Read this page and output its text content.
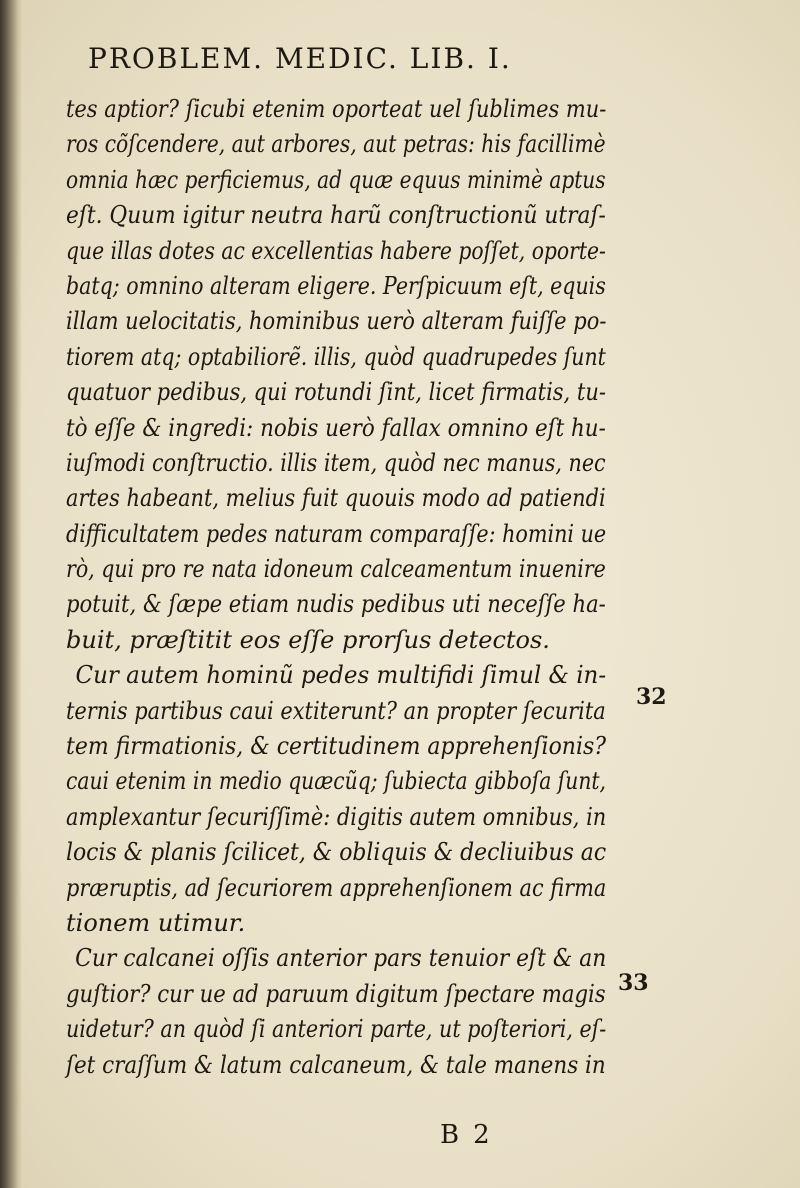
PROBLEM. MEDIC. LIB. I.
tes aptior? ſicubi etenim oporteat uel ſublimes mu-
ros cõſcendere, aut arbores, aut petras: his facillimè
omnia hæc perficiemus, ad quæ equus minimè aptus
eſt. Quum igitur neutra harũ conſtructionũ utraſ-
que illas dotes ac excellentias habere poſſet, oporte-
batq; omnino alteram eligere. Perſpicuum eſt, equis
illam uelocitatis, hominibus uerò alteram fuiſſe po-
tiorem atq; optabiliorẽ. illis, quòd quadrupedes ſunt
quatuor pedibus, qui rotundi ſint, licet firmatis, tu-
tò eſſe & ingredi: nobis uerò fallax omnino eſt hu-
iuſmodi conſtructio. illis item, quòd nec manus, nec
artes habeant, melius fuit quouis modo ad patiendi
difficultatem pedes naturam comparaſſe: homini ue
rò, qui pro re nata idoneum calceamentum inuenire
potuit, & ſæpe etiam nudis pedibus uti neceſſe ha-
buit, præſtitit eos eſſe prorſus detectos.
Cur autem hominũ pedes multifidi ſimul & in-
ternis partibus caui extiterunt? an propter ſecurita
tem firmationis, & certitudinem apprehenſionis?
caui etenim in medio quæcũq; ſubiecta gibboſa ſunt,
amplexantur ſecuriſſimè: digitis autem omnibus, in
locis & planis ſcilicet, & obliquis & decliuibus ac
præruptis, ad ſecuriorem apprehenſionem ac firma
tionem utimur.
Cur calcanei oſſis anterior pars tenuior eſt & an
guſtior? cur ue ad paruum digitum ſpectare magis
uidetur? an quòd ſi anteriori parte, ut poſteriori, eſ-
ſet craſſum & latum calcaneum, & tale manens in
32
33
B2
